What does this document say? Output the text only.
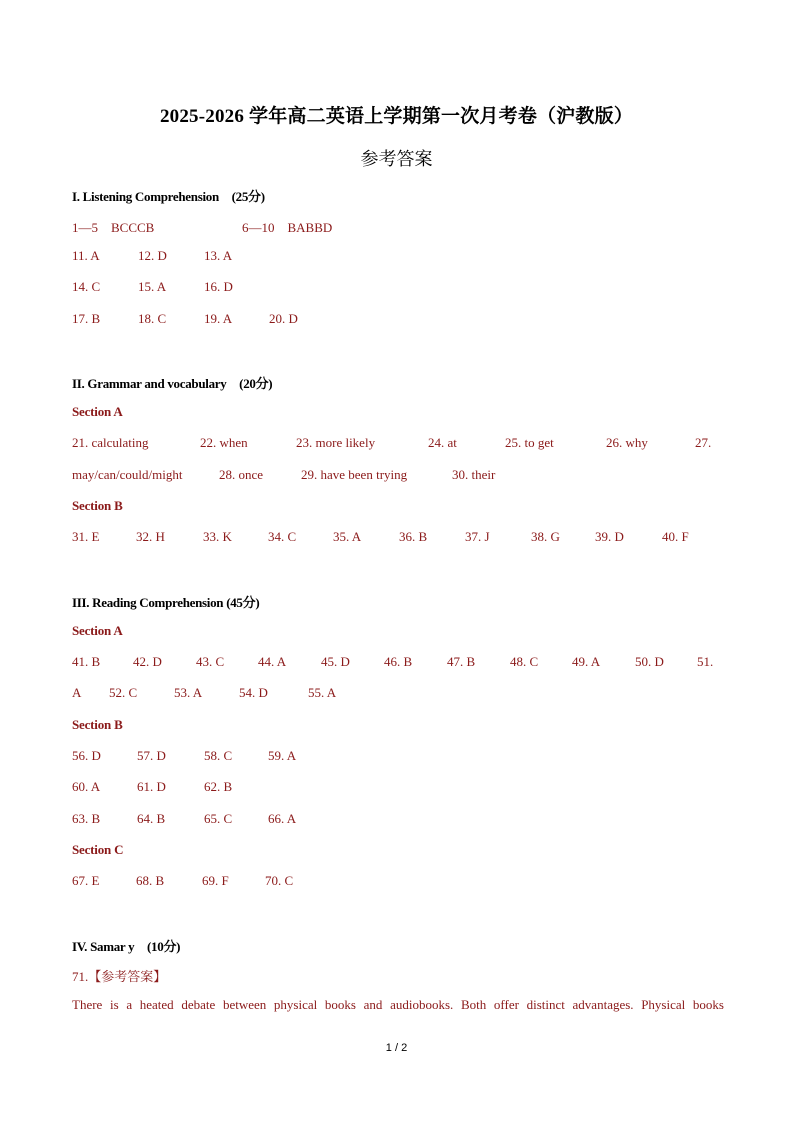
2025-2026 学年高二英语上学期第一次月考卷（沪教版）
参考答案
I. Listening Comprehension　(25分)
1—5　BCCCB	6—10　BABBD
11. A	12. D	13. A
14. C	15. A	16. D
17. B	18. C	19. A	20. D
II. Grammar and vocabulary　(20分)
Section A
21. calculating	22. when	23. more likely	24. at	25. to get	26. why	27.
may/can/could/might	28. once	29. have been trying	30. their
Section B
31. E	32. H	33. K	34. C	35. A	36. B	37. J	38. G	39. D	40. F
III. Reading Comprehension (45分)
Section A
41. B	42. D	43. C	44. A	45. D	46. B	47. B	48. C	49. A	50. D	51.
A 52. C	53. A	54. D	55. A
Section B
56. D	57. D	58. C	59. A
60. A	61. D	62. B
63. B	64. B	65. C	66. A
Section C
67. E	68. B	69. F	70. C
IV. Samar y　(10分)
71.【参考答案】
There is a heated debate between physical books and audiobooks. Both offer distinct advantages. Physical books
1 / 2
